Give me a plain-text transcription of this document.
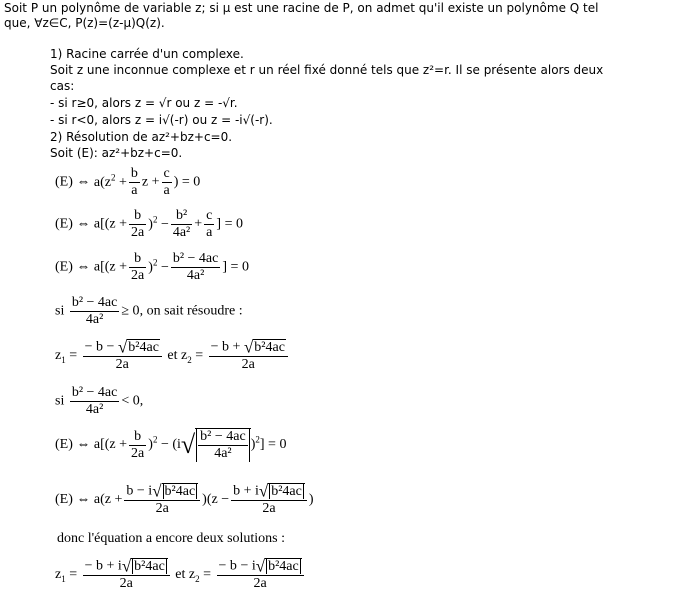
Soit P un polynôme de variable z; si μ est une racine de P, on admet qu'il existe un polynôme Q tel
que, ∀z∈C, P(z)=(z-μ)Q(z).
1) Racine carrée d'un complexe.
Soit z une inconnue complexe et r un réel fixé donné tels que z²=r. Il se présente alors deux
cas:
- si r≥0, alors z = √r ou z = -√r.
- si r<0, alors z = i√(-r) ou z = -i√(-r).
2) Résolution de az²+bz+c=0.
Soit (E): az²+bz+c=0.
(E) ⇔ $a(z^2 + \frac{b}{a}$ $z + \frac{c}{a}$ ) = 0
(E) ⇔ $a[(z + \frac{b}{2a} )^2 - \frac{\text{b²}}{\text{4a²}} + \frac{c}{a}$ ] = 0
(E) ⇔ $a[(z + \frac{b}{2a} )^2 - \frac{\text{b² − 4ac}}{\text{4a²}}$ ] = 0
si $\frac{\text{b² − 4ac}}{\text{4a²}} \ge 0$, on sait résoudre :
$z_1 = \frac{\text{− b − √b²4ac}}{2a}$ et $z_2 = \frac{\text{− b + √b²4ac}}{2a}$
si $\frac{\text{b² − 4ac}}{\text{4a²}} < 0$,
(E) ⇔ $a[(z + \frac{b}{2a} )^2 - (i√ \frac{\text{b² − 4ac}}{\text{4a²}} )^2] = 0$
(E) ⇔ $a(z + \frac{\text{b − i√ b²4ac}}{2a} )(z - \frac{\text{b + i√ b²4ac}}{2a}$ )
donc l'équation a encore deux solutions :
$z_1 = \frac{\text{− b + i√ b²4ac}}{2a}$ et $z_2 = \frac{\text{− b − i√ b²4ac}}{2a}$
